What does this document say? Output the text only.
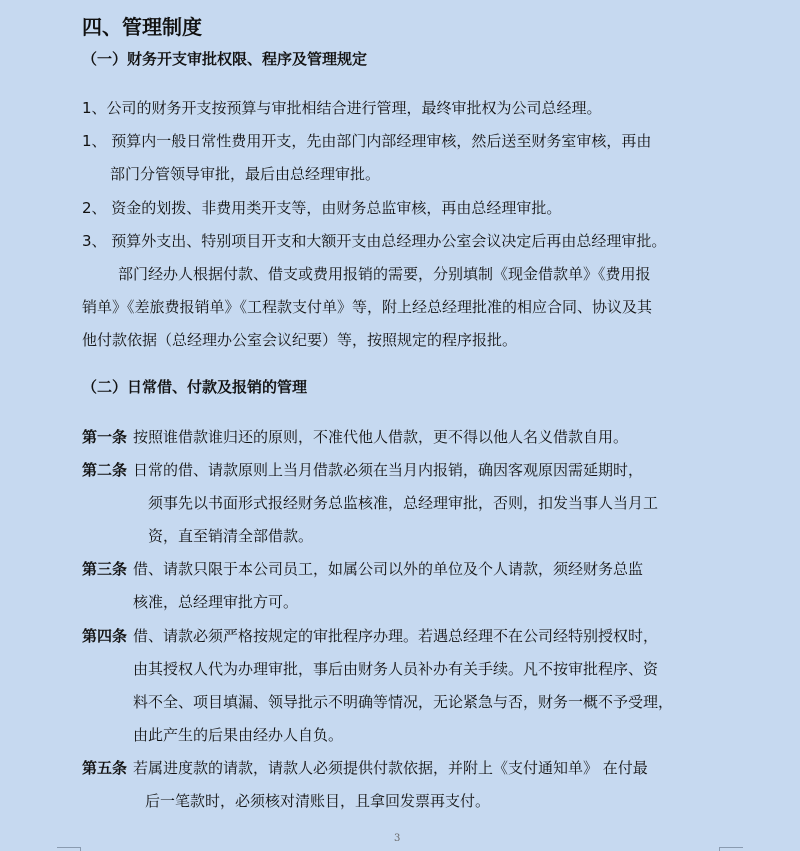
四、管理制度
（一）财务开支审批权限、程序及管理规定
1、公司的财务开支按预算与审批相结合进行管理，最终审批权为公司总经理。
1、 预算内一般日常性费用开支，先由部门内部经理审核，然后送至财务室审核，再由
部门分管领导审批，最后由总经理审批。
2、 资金的划拨、非费用类开支等，由财务总监审核，再由总经理审批。
3、 预算外支出、特别项目开支和大额开支由总经理办公室会议决定后再由总经理审批。
部门经办人根据付款、借支或费用报销的需要，分别填制《现金借款单》《费用报
销单》《差旅费报销单》《工程款支付单》等，附上经总经理批准的相应合同、协议及其
他付款依据（总经理办公室会议纪要）等，按照规定的程序报批。
（二）日常借、付款及报销的管理
第一条 按照谁借款谁归还的原则，不准代他人借款，更不得以他人名义借款自用。
第二条 日常的借、请款原则上当月借款必须在当月内报销，确因客观原因需延期时，
须事先以书面形式报经财务总监核准，总经理审批，否则，扣发当事人当月工
资，直至销清全部借款。
第三条 借、请款只限于本公司员工，如属公司以外的单位及个人请款，须经财务总监
核准，总经理审批方可。
第四条 借、请款必须严格按规定的审批程序办理。若遇总经理不在公司经特别授权时，
由其授权人代为办理审批，事后由财务人员补办有关手续。凡不按审批程序、资
料不全、项目填漏、领导批示不明确等情况，无论紧急与否，财务一概不予受理，
由此产生的后果由经办人自负。
第五条 若属进度款的请款，请款人必须提供付款依据，并附上《支付通知单》 在付最
后一笔款时，必须核对清账目，且拿回发票再支付。
3
